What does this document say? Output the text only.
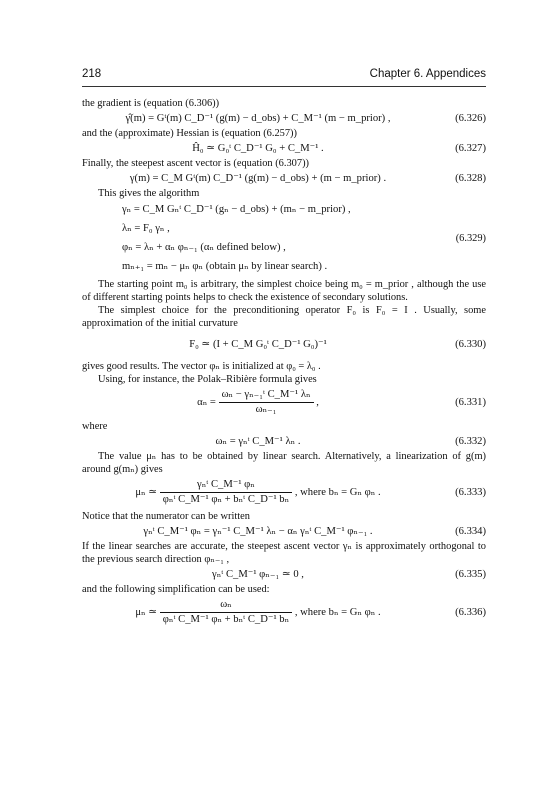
218	Chapter 6. Appendices

the gradient is (equation (6.306))

γ̂(m) = Gᵗ(m) C_D⁻¹ (g(m) − d_obs) + C_M⁻¹ (m − m_prior) ,	(6.326)

and the (approximate) Hessian is (equation (6.257))

Ĥ₀ ≃ G₀ᵗ C_D⁻¹ G₀ + C_M⁻¹ .	(6.327)

Finally, the steepest ascent vector is (equation (6.307))

γ(m) = C_M Gᵗ(m) C_D⁻¹ (g(m) − d_obs) + (m − m_prior) .	(6.328)

This gives the algorithm

γₙ = C_M Gₙᵗ C_D⁻¹ (gₙ − d_obs) + (mₙ − m_prior) ,
λₙ = F₀ γₙ ,
φₙ = λₙ + αₙ φₙ₋₁ (αₙ defined below) ,
mₙ₊₁ = mₙ − μₙ φₙ (obtain μₙ by linear search) .
(6.329)

The starting point m₀ is arbitrary, the simplest choice being m₀ = m_prior , although the use of different starting points helps to check the existence of secondary solutions.

The simplest choice for the preconditioning operator F₀ is F₀ = I . Usually, some approximation of the initial curvature

F₀ ≃ (I + C_M G₀ᵗ C_D⁻¹ G₀)⁻¹	(6.330)

gives good results. The vector φₙ is initialized at φ₀ = λ₀ .

Using, for instance, the Polak–Ribière formula gives

$\alpha_n = \frac{\text{ωₙ − γₙ₋₁ᵗ C\_M⁻¹ λₙ}}{\text{ωₙ₋₁}}$ ,	(6.331)

where

ωₙ = γₙᵗ C_M⁻¹ λₙ .	(6.332)

The value μₙ has to be obtained by linear search. Alternatively, a linearization of g(m) around g(mₙ) gives

μₙ ≃ $\frac{\text{γₙᵗ C\_M⁻¹ φₙ}}{\text{φₙᵗ C\_M⁻¹ φₙ + bₙᵗ C\_D⁻¹ bₙ}}$ , where bₙ = Gₙ φₙ .	(6.333)

Notice that the numerator can be written

γₙᵗ C_M⁻¹ φₙ = γₙ⁻¹ C_M⁻¹ λₙ − αₙ γₙᵗ C_M⁻¹ φₙ₋₁ .	(6.334)

If the linear searches are accurate, the steepest ascent vector γₙ is approximately orthogonal to the previous search direction φₙ₋₁ ,

γₙᵗ C_M⁻¹ φₙ₋₁ ≃ 0 ,	(6.335)

and the following simplification can be used:

μₙ ≃ $\frac{\text{ωₙ}}{\text{φₙᵗ C\_M⁻¹ φₙ + bₙᵗ C\_D⁻¹ bₙ}}$ , where bₙ = Gₙ φₙ .	(6.336)
